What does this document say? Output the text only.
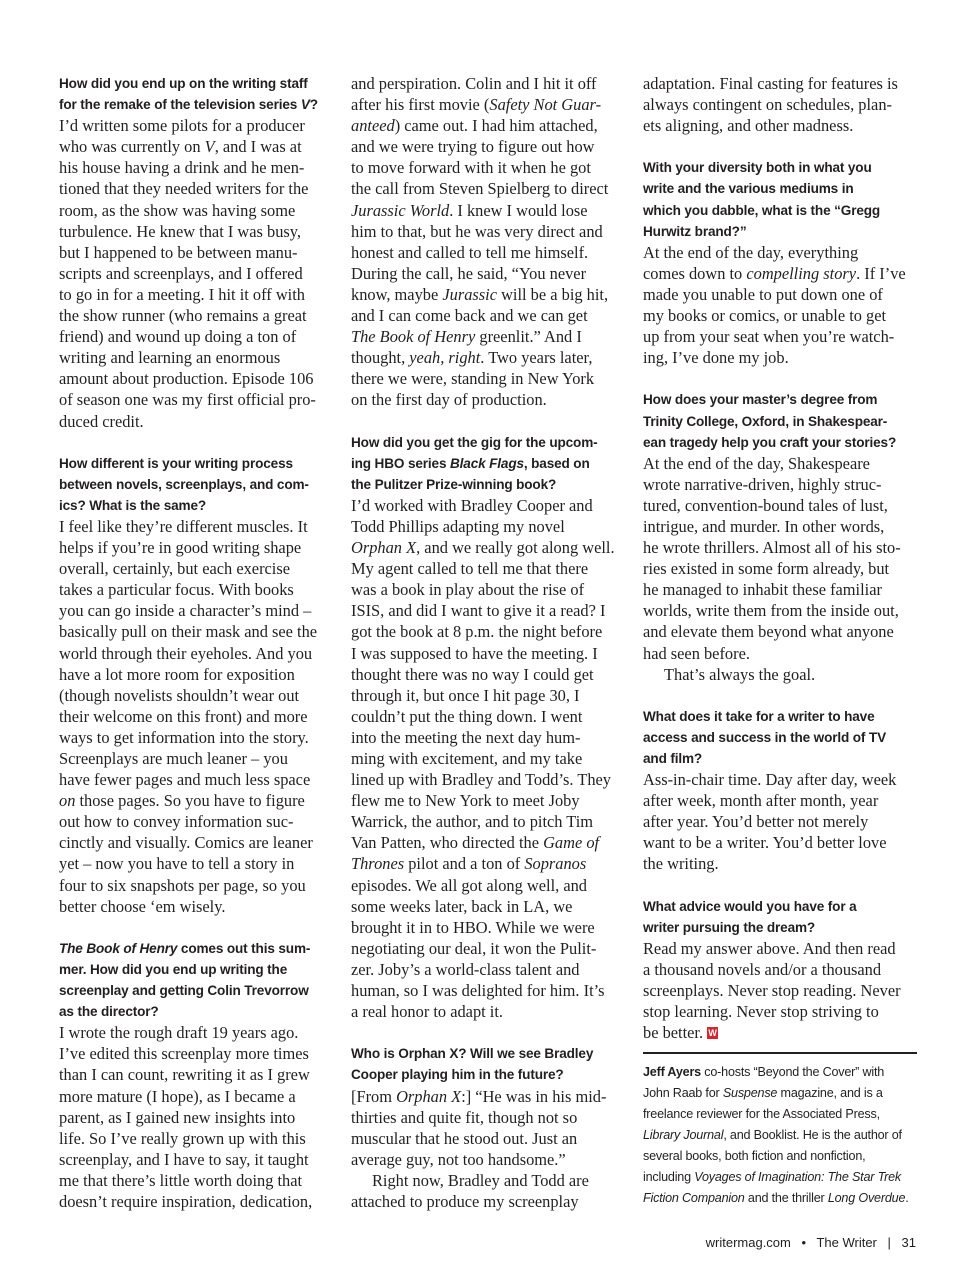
How did you end up on the writing staff
for the remake of the television series V?

I’d written some pilots for a producer
who was currently on V, and I was at
his house having a drink and he men-
tioned that they needed writers for the
room, as the show was having some
turbulence. He knew that I was busy,
but I happened to be between manu-
scripts and screenplays, and I offered
to go in for a meeting. I hit it off with
the show runner (who remains a great
friend) and wound up doing a ton of
writing and learning an enormous
amount about production. Episode 106
of season one was my first official pro-
duced credit.

How different is your writing process
between novels, screenplays, and com-
ics? What is the same?

I feel like they’re different muscles. It
helps if you’re in good writing shape
overall, certainly, but each exercise
takes a particular focus. With books
you can go inside a character’s mind –
basically pull on their mask and see the
world through their eyeholes. And you
have a lot more room for exposition
(though novelists shouldn’t wear out
their welcome on this front) and more
ways to get information into the story.
Screenplays are much leaner – you
have fewer pages and much less space
on those pages. So you have to figure
out how to convey information suc-
cinctly and visually. Comics are leaner
yet – now you have to tell a story in
four to six snapshots per page, so you
better choose ‘em wisely.

The Book of Henry comes out this sum-
mer. How did you end up writing the
screenplay and getting Colin Trevorrow
as the director?

I wrote the rough draft 19 years ago.
I’ve edited this screenplay more times
than I can count, rewriting it as I grew
more mature (I hope), as I became a
parent, as I gained new insights into
life. So I’ve really grown up with this
screenplay, and I have to say, it taught
me that there’s little worth doing that
doesn’t require inspiration, dedication,

and perspiration. Colin and I hit it off
after his first movie (Safety Not Guar-
anteed) came out. I had him attached,
and we were trying to figure out how
to move forward with it when he got
the call from Steven Spielberg to direct
Jurassic World. I knew I would lose
him to that, but he was very direct and
honest and called to tell me himself.
During the call, he said, “You never
know, maybe Jurassic will be a big hit,
and I can come back and we can get
The Book of Henry greenlit.” And I
thought, yeah, right. Two years later,
there we were, standing in New York
on the first day of production.

How did you get the gig for the upcom-
ing HBO series Black Flags, based on
the Pulitzer Prize-winning book?

I’d worked with Bradley Cooper and
Todd Phillips adapting my novel
Orphan X, and we really got along well.
My agent called to tell me that there
was a book in play about the rise of
ISIS, and did I want to give it a read? I
got the book at 8 p.m. the night before
I was supposed to have the meeting. I
thought there was no way I could get
through it, but once I hit page 30, I
couldn’t put the thing down. I went
into the meeting the next day hum-
ming with excitement, and my take
lined up with Bradley and Todd’s. They
flew me to New York to meet Joby
Warrick, the author, and to pitch Tim
Van Patten, who directed the Game of
Thrones pilot and a ton of Sopranos
episodes. We all got along well, and
some weeks later, back in LA, we
brought it in to HBO. While we were
negotiating our deal, it won the Pulit-
zer. Joby’s a world-class talent and
human, so I was delighted for him. It’s
a real honor to adapt it.

Who is Orphan X? Will we see Bradley
Cooper playing him in the future?

[From Orphan X:] “He was in his mid-
thirties and quite fit, though not so
muscular that he stood out. Just an
average guy, not too handsome.”
Right now, Bradley and Todd are
attached to produce my screenplay

adaptation. Final casting for features is
always contingent on schedules, plan-
ets aligning, and other madness.

With your diversity both in what you
write and the various mediums in
which you dabble, what is the “Gregg
Hurwitz brand?”

At the end of the day, everything
comes down to compelling story. If I’ve
made you unable to put down one of
my books or comics, or unable to get
up from your seat when you’re watch-
ing, I’ve done my job.

How does your master’s degree from
Trinity College, Oxford, in Shakespear-
ean tragedy help you craft your stories?

At the end of the day, Shakespeare
wrote narrative-driven, highly struc-
tured, convention-bound tales of lust,
intrigue, and murder. In other words,
he wrote thrillers. Almost all of his sto-
ries existed in some form already, but
he managed to inhabit these familiar
worlds, write them from the inside out,
and elevate them beyond what anyone
had seen before.
That’s always the goal.

What does it take for a writer to have
access and success in the world of TV
and film?

Ass-in-chair time. Day after day, week
after week, month after month, year
after year. You’d better not merely
want to be a writer. You’d better love
the writing.

What advice would you have for a
writer pursuing the dream?

Read my answer above. And then read
a thousand novels and/or a thousand
screenplays. Never stop reading. Never
stop learning. Never stop striving to
be better. W

Jeff Ayers co-hosts “Beyond the Cover” with
John Raab for Suspense magazine, and is a
freelance reviewer for the Associated Press,
Library Journal, and Booklist. He is the author of
several books, both fiction and nonfiction,
including Voyages of Imagination: The Star Trek
Fiction Companion and the thriller Long Overdue.

writermag.com • The Writer | 31
